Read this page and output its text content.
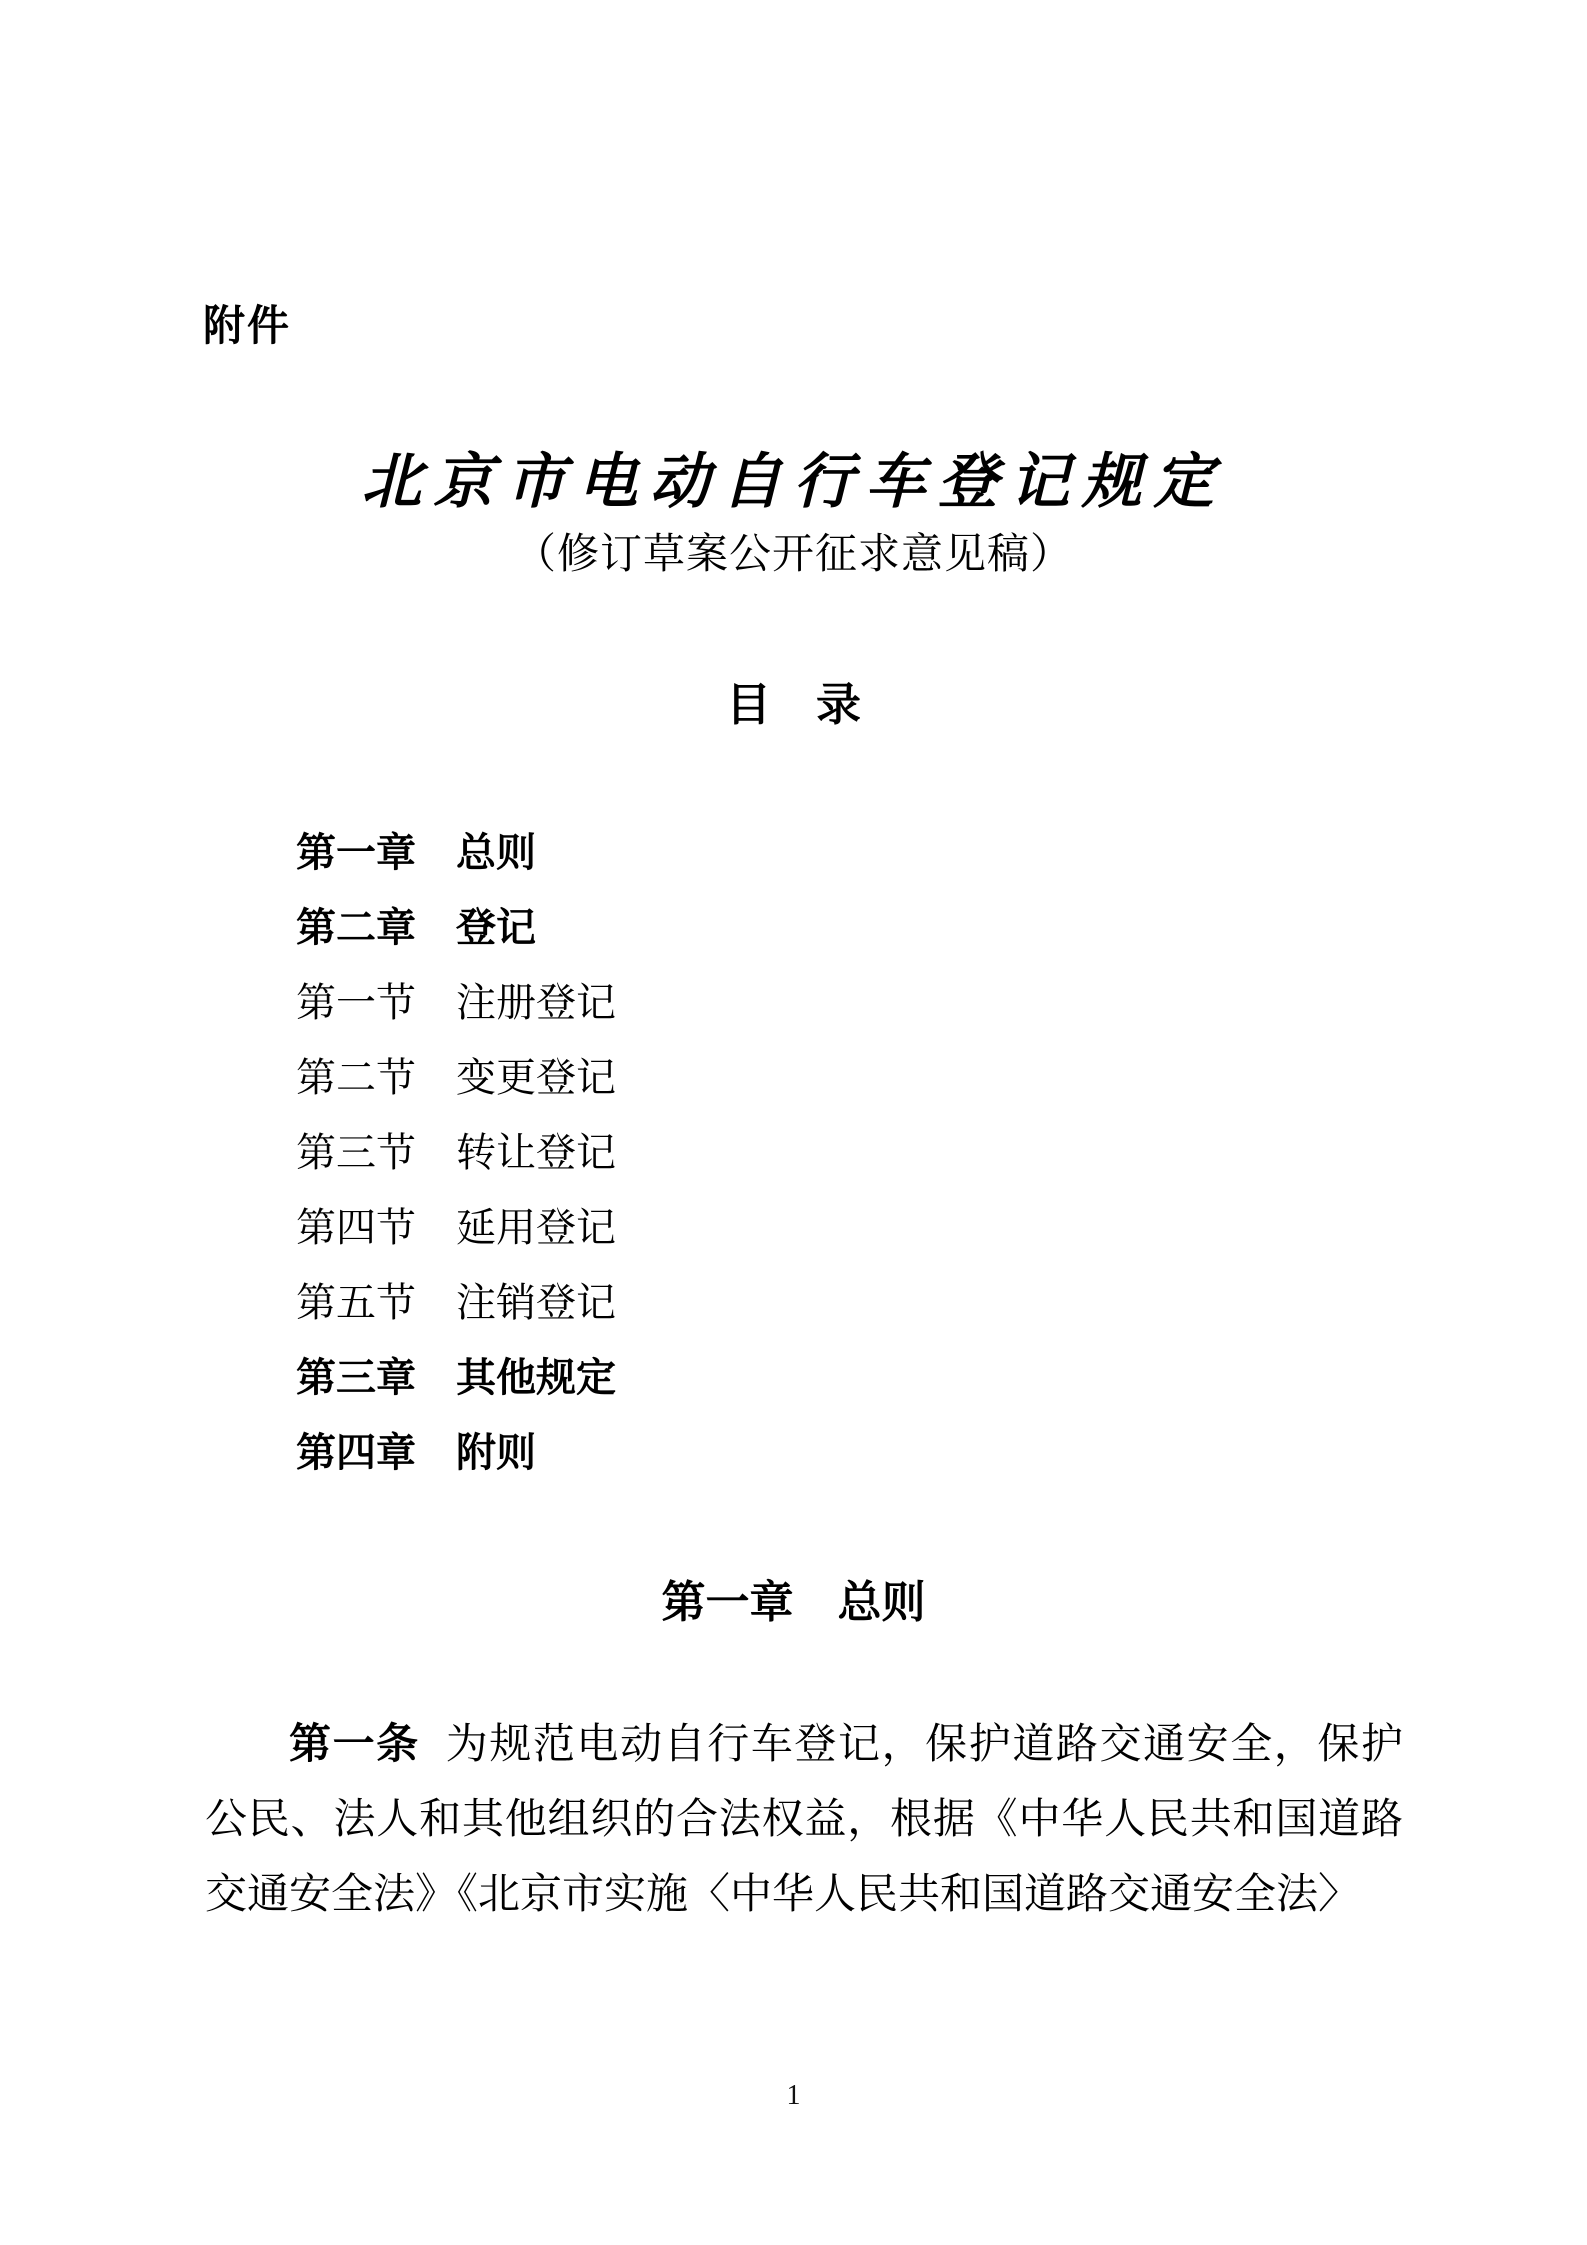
附件
北京市电动自行车登记规定
（修订草案公开征求意见稿）
目　录
第一章　总则
第二章　登记
第一节　注册登记
第二节　变更登记
第三节　转让登记
第四节　延用登记
第五节　注销登记
第三章　其他规定
第四章　附则
第一章　总则

第一条 为规范电动自行车登记，保护道路交通安全，保护公民、法人和其他组织的合法权益，根据《中华人民共和国道路交通安全法》《北京市实施〈中华人民共和国道路交通安全法〉

1
